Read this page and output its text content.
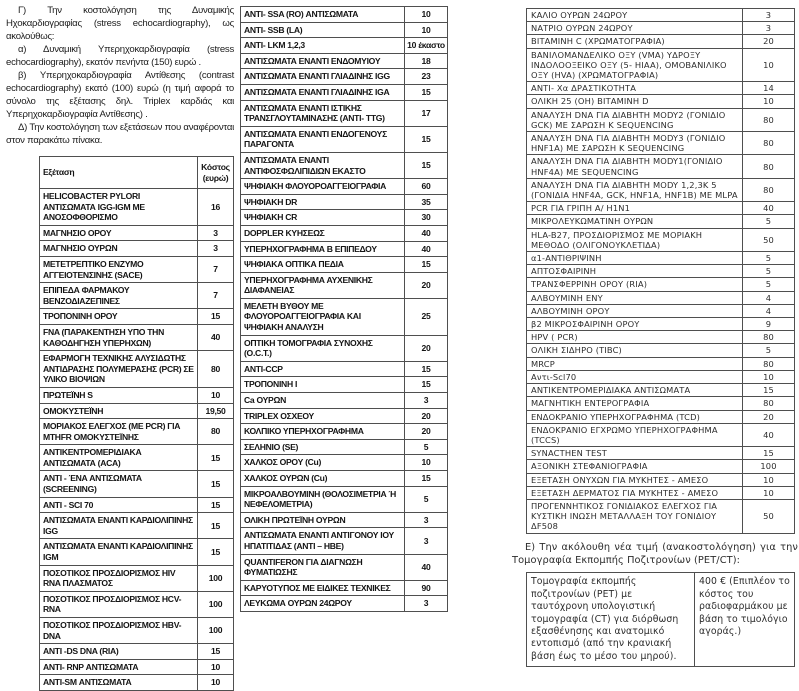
Γ) Την κοστολόγηση της Δυναμικής Ηχοκαρδιογραφίας (stress echocardiography), ως ακολούθως:

α) Δυναμική Υπερηχοκαρδιογραφία (stress echocardiography), εκατόν πενήντα (150) ευρώ .

β) Υπερηχοκαρδιογραφία Αντίθεσης (contrast echocardiography) εκατό (100) ευρώ (η τιμή αφορά το σύνολο της εξέτασης δηλ. Triplex καρδιάς και Υπερηχοκαρδιογραφία Αντίθεσης) .

Δ) Την κοστολόγηση των εξετάσεων που αναφέρονται στον παρακάτω πίνακα.

Εξέταση	Κόστος (ευρώ)
HELICOBACTER PYLORI ΑΝΤΙΣΩΜΑΤΑ IGG-IGM ΜΕ ΑΝΟΣΟΦΘΟΡΙΣΜΟ	16
ΜΑΓΝΗΣΙΟ ΟΡΟΥ	3
ΜΑΓΝΗΣΙΟ ΟΥΡΩΝ	3
ΜΕΤΕΤΡΕΠΤΙΚΟ ΕΝΖΥΜΟ ΑΓΓΕΙΟΤΕΝΣΙΝΗΣ (SACE)	7
ΕΠΙΠΕΔΑ ΦΑΡΜΑΚΟΥ ΒΕΝΖΟΔΙΑΖΕΠΙΝΕΣ	7
ΤΡΟΠΟΝΙΝΗ ΟΡΟΥ	15
FNA (ΠΑΡΑΚΕΝΤΗΣΗ ΥΠΟ ΤΗΝ ΚΑΘΟΔΗΓΗΣΗ ΥΠΕΡΗΧΩΝ)	40
ΕΦΑΡΜΟΓΗ ΤΕΧΝΙΚΗΣ ΑΛΥΣΙΔΩΤΗΣ ΑΝΤΙΔΡΑΣΗΣ ΠΟΛΥΜΕΡΑΣΗΣ (PCR) ΣΕ ΥΛΙΚΟ ΒΙΟΨΙΩΝ	80
ΠΡΩΤΕΪΝΗ S	10
ΟΜΟΚΥΣΤΕΪΝΗ	19,50
ΜΟΡΙΑΚΟΣ ΕΛΕΓΧΟΣ (ΜΕ PCR) ΓΙΑ MTHFR ΟΜΟΚΥΣΤΕΪΝΗΣ	80
ΑΝΤΙΚΕΝΤΡΟΜΕΡΙΔΙΑΚΑ ΑΝΤΙΣΩΜΑΤΑ (ACA)	15
ΑΝΤΙ - ΈΝΑ ΑΝΤΙΣΩΜΑΤΑ (SCREENING)	15
ΑΝΤΙ - SCI 70	15
ΑΝΤΙΣΩΜΑΤΑ ΕΝΑΝΤΙ ΚΑΡΔΙΟΛΙΠΙΝΗΣ IGG	15
ΑΝΤΙΣΩΜΑΤΑ ΕΝΑΝΤΙ ΚΑΡΔΙΟΛΙΠΙΝΗΣ IGM	15
ΠΟΣΟΤΙΚΟΣ ΠΡΟΣΔΙΟΡΙΣΜΟΣ HIV RNA ΠΛΑΣΜΑΤΟΣ	100
ΠΟΣΟΤΙΚΟΣ ΠΡΟΣΔΙΟΡΙΣΜΟΣ HCV-RNA	100
ΠΟΣΟΤΙΚΟΣ ΠΡΟΣΔΙΟΡΙΣΜΟΣ HBV-DNA	100
ΑΝΤΙ -DS DNA (RIA)	15
ΑΝΤΙ- RNP ΑΝΤΙΣΩΜΑΤΑ	10
ΑΝΤΙ-SM ΑΝΤΙΣΩΜΑΤΑ	10
ΑΝΤΙ- SSA (RO) ΑΝΤΙΣΩΜΑΤΑ	10
ΑΝΤΙ- SSB (LA)	10
ΑΝΤΙ- LKM 1,2,3	10 έκαστο
ΑΝΤΙΣΩΜΑΤΑ ΕΝΑΝΤΙ ΕΝΔΟΜΥΙΟΥ	18
ΑΝΤΙΣΩΜΑΤΑ ΕΝΑΝΤΙ ΓΛΙΑΔΙΝΗΣ IGG	23
ΑΝΤΙΣΩΜΑΤΑ ΕΝΑΝΤΙ ΓΛΙΑΔΙΝΗΣ IGA	15
ΑΝΤΙΣΩΜΑΤΑ ΕΝΑΝΤΙ ΙΣΤΙΚΗΣ ΤΡΑΝΣΓΛΟΥΤΑΜΙΝΑΣΗΣ (ΑΝΤΙ- TTG)	17
ΑΝΤΙΣΩΜΑΤΑ ΕΝΑΝΤΙ ΕΝΔΟΓΕΝΟΥΣ ΠΑΡΑΓΟΝΤΑ	15
ΑΝΤΙΣΩΜΑΤΑ ΕΝΑΝΤΙ ΑΝΤΙΦΟΣΦΩΛΙΠΙΔΙΩΝ ΕΚΑΣΤΟ	15
ΨΗΦΙΑΚΗ ΦΛΟΥΟΡΟΑΓΓΕΙΟΓΡΑΦΙΑ	60
ΨΗΦΙΑΚΗ DR	35
ΨΗΦΙΑΚΗ CR	30
DOPPLER ΚΥΗΣΕΩΣ	40
ΥΠΕΡΗΧΟΓΡΑΦΗΜΑ Β ΕΠΙΠΕΔΟΥ	40
ΨΗΦΙΑΚΑ ΟΠΤΙΚΑ ΠΕΔΙΑ	15
ΥΠΕΡΗΧΟΓΡΑΦΗΜΑ ΑΥΧΕΝΙΚΗΣ ΔΙΑΦΑΝΕΙΑΣ	20
ΜΕΛΕΤΗ ΒΥΘΟΥ ΜΕ ΦΛΟΥΟΡΟΑΓΓΕΙΟΓΡΑΦΙΑ ΚΑΙ ΨΗΦΙΑΚΗ ΑΝΑΛΥΣΗ	25
ΟΠΤΙΚΗ ΤΟΜΟΓΡΑΦΙΑ ΣΥΝΟΧΗΣ (O.C.T.)	20
ΑΝΤΙ-CCP	15
ΤΡΟΠΟΝΙΝΗ Ι	15
Ca ΟΥΡΩΝ	3
TRIPLEX ΟΣΧΕΟΥ	20
ΚΟΛΠΙΚΟ ΥΠΕΡΗΧΟΓΡΑΦΗΜΑ	20
ΣΕΛΗΝΙΟ (SE)	5
ΧΑΛΚΟΣ ΟΡΟΥ (Cu)	10
ΧΑΛΚΟΣ ΟΥΡΩΝ (Cu)	15
ΜΙΚΡΟΑΛΒΟΥΜΙΝΗ (ΘΟΛΟΣΙΜΕΤΡΙΑ Ή ΝΕΦΕΛΟΜΕΤΡΙΑ)	5
ΟΛΙΚΗ ΠΡΩΤΕΪΝΗ ΟΥΡΩΝ	3
ΑΝΤΙΣΩΜΑΤΑ ΕΝΑΝΤΙ ΑΝΤΙΓΟΝΟΥ ΙΟΥ ΗΠΑΤΙΤΙΔΑΣ (ΑΝΤΙ – HBE)	3
QUANTIFERON ΓΙΑ ΔΙΑΓΝΩΣΗ ΦΥΜΑΤΙΩΣΗΣ	40
ΚΑΡΥΟΤΥΠΟΣ ΜΕ ΕΙΔΙΚΕΣ ΤΕΧΝΙΚΕΣ	90
ΛΕΥΚΩΜΑ ΟΥΡΩΝ 24ΩΡΟΥ	3
ΚΑΛΙΟ ΟΥΡΩΝ 24ΩΡΟΥ	3
ΝΑΤΡΙΟ ΟΥΡΩΝ 24ΩΡΟΥ	3
ΒΙΤΑΜΙΝΗ C (ΧΡΩΜΑΤΟΓΡΑΦΙΑ)	20
ΒΑΝΙΛΟΜΑΝΔΕΛΙΚΟ ΟΞΥ (VMA) ΥΔΡΟΞΥ ΙΝΔΟΛΟΟΞΕΙΚΟ ΟΞΥ (5- HIAA), ΟΜΟΒΑΝΙΛΙΚΟ ΟΞΥ (HVA) (ΧΡΩΜΑΤΟΓΡΑΦΙΑ)	10
ΑΝΤΙ- Χα ΔΡΑΣΤΙΚΟΤΗΤΑ	14
ΟΛΙΚΗ 25 (ΟΗ) ΒΙΤΑΜΙΝΗ D	10
ΑΝΑΛΥΣΗ DNA ΓΙΑ ΔΙΑΒΗΤΗ MODY2 (ΓΟΝΙΔΙΟ GCK) ΜΕ ΣΑΡΩΣΗ Κ SEQUENCING	80
ΑΝΑΛΥΣΗ DNA ΓΙΑ ΔΙΑΒΗΤΗ MODY3 (ΓΟΝΙΔΙΟ HNF1A) ΜΕ ΣΑΡΩΣΗ Κ SEQUENCING	80
ΑΝΑΛΥΣΗ DNA ΓΙΑ ΔΙΑΒΗΤΗ MODY1(ΓΟΝΙΔΙΟ HNF4A) ΜΕ SEQUENCING	80
ΑΝΑΛΥΣΗ DNA ΓΙΑ ΔΙΑΒΗΤΗ MODY 1,2,3Κ 5 (ΓΟΝΙΔΙΑ HNF4A, GCK, HNF1A, HNF1B) ΜΕ MLPA	80
PCR ΓΙΑ ΓΡΙΠΗ Α/ Η1Ν1	40
ΜΙΚΡΟΛΕΥΚΩΜΑΤΙΝΗ ΟΥΡΩΝ	5
HLA-B27, ΠΡΟΣΔΙΟΡΙΣΜΟΣ ΜΕ ΜΟΡΙΑΚΗ ΜΕΘΟΔΟ (ΟΛΙΓΟΝΟΥΚΛΕΤΙΔΑ)	50
α1-ΑΝΤΙΘΡΙΨΙΝΗ	5
ΑΠΤΟΣΦΑΙΡΙΝΗ	5
ΤΡΑΝΣΦΕΡΡΙΝΗ ΟΡΟΥ (RIA)	5
ΑΛΒΟΥΜΙΝΗ ΕΝΥ	4
ΑΛΒΟΥΜΙΝΗ ΟΡΟΥ	4
β2 ΜΙΚΡΟΣΦΑΙΡΙΝΗ ΟΡΟΥ	9
HPV ( PCR)	80
ΟΛΙΚΗ ΣΙΔΗΡΟ (TIBC)	5
MRCP	80
Αντι-Scl70	10
ΑΝΤΙΚΕΝΤΡΟΜΕΡΙΔΙΑΚΑ ΑΝΤΙΣΩΜΑΤΑ	15
ΜΑΓΝΗΤΙΚΗ ΕΝΤΕΡΟΓΡΑΦΙΑ	80
ΕΝΔΟΚΡΑΝΙΟ ΥΠΕΡΗΧΟΓΡΑΦΗΜΑ (TCD)	20
ΕΝΔΟΚΡΑΝΙΟ ΕΓΧΡΩΜΟ ΥΠΕΡΗΧΟΓΡΑΦΗΜΑ (TCCS)	40
SYNACTHEN TEST	15
ΑΞΟΝΙΚΗ ΣΤΕΦΑΝΙΟΓΡΑΦΙΑ	100
ΕΞΕΤΑΣΗ ΟΝΥΧΩΝ ΓΙΑ ΜΥΚΗΤΕΣ - ΑΜΕΣΟ	10
ΕΞΕΤΑΣΗ ΔΕΡΜΑΤΟΣ ΓΙΑ ΜΥΚΗΤΕΣ - ΑΜΕΣΟ	10
ΠΡΟΓΕΝΝΗΤΙΚΟΣ ΓΟΝΙΔΙΑΚΟΣ ΕΛΕΓΧΟΣ ΓΙΑ ΚΥΣΤΙΚΗ ΙΝΩΣΗ ΜΕΤΑΛΛΑΞΗ ΤΟΥ ΓΟΝΙΔΙΟΥ ΔF508	50

Ε) Την ακόλουθη νέα τιμή (ανακοστολόγηση) για την Τομογραφία Εκπομπής Ποζιτρονίων (PET/CT):

Τομογραφία εκπομπής ποζιτρονίων (PET) με ταυτόχρονη υπολογιστική τομογραφία (CT) για διόρθωση εξασθένησης και ανατομικό εντοπισμό (από την κρανιακή βάση έως το μέσο του μηρού).	400 € (Επιπλέον το κόστος του ραδιοφαρμάκου με βάση το τιμολόγιο αγοράς.)
